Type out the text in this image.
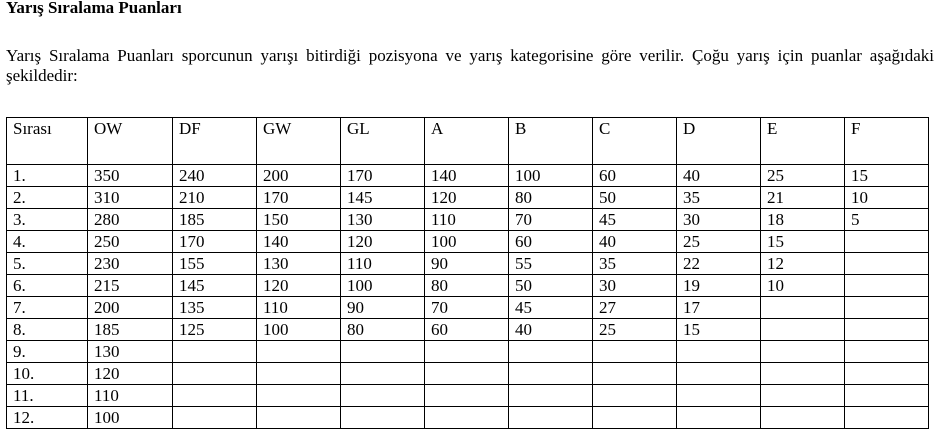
Yarış Sıralama Puanları

Yarış Sıralama Puanları sporcunun yarışı bitirdiği pozisyona ve yarış kategorisine göre verilir. Çoğu yarış için puanlar aşağıdaki şekildedir:

Sırası	OW	DF	GW	GL	A	B	C	D	E	F
1.	350	240	200	170	140	100	60	40	25	15
2.	310	210	170	145	120	80	50	35	21	10
3.	280	185	150	130	110	70	45	30	18	5
4.	250	170	140	120	100	60	40	25	15	
5.	230	155	130	110	90	55	35	22	12	
6.	215	145	120	100	80	50	30	19	10	
7.	200	135	110	90	70	45	27	17		
8.	185	125	100	80	60	40	25	15		
9.	130									
10.	120									
11.	110									
12.	100									
